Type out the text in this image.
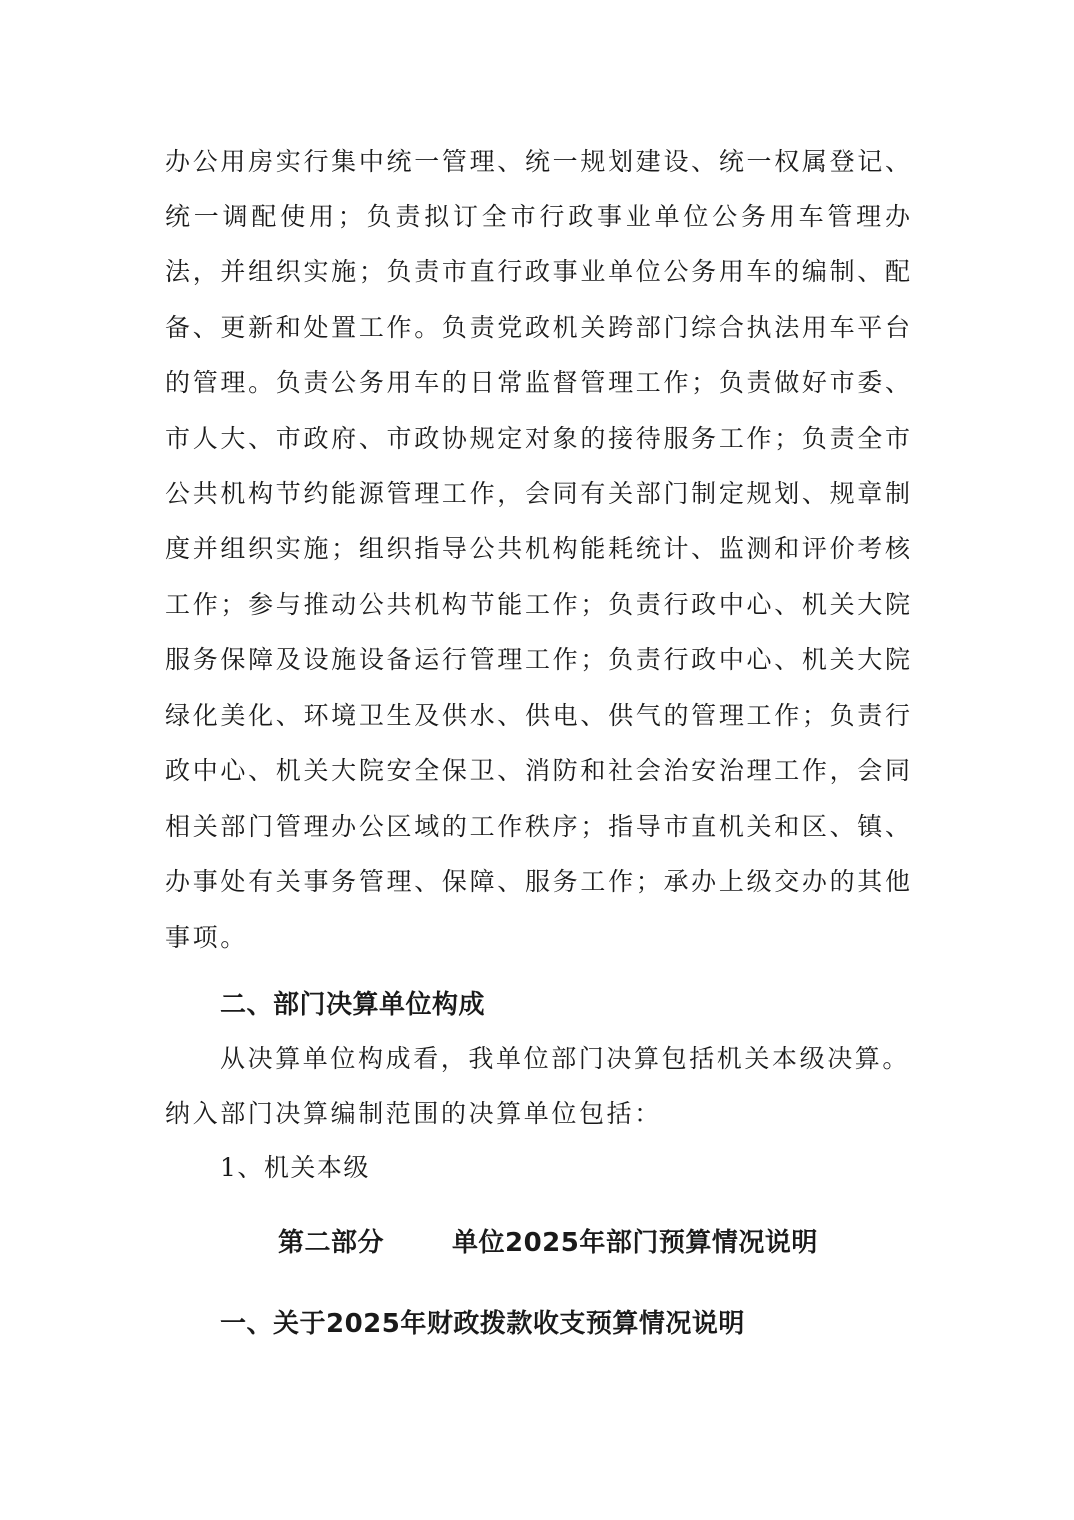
办公用房实行集中统一管理、统一规划建设、统一权属登记、
统一调配使用；负责拟订全市行政事业单位公务用车管理办
法，并组织实施；负责市直行政事业单位公务用车的编制、配
备、更新和处置工作。负责党政机关跨部门综合执法用车平台
的管理。负责公务用车的日常监督管理工作；负责做好市委、
市人大、市政府、市政协规定对象的接待服务工作；负责全市
公共机构节约能源管理工作，会同有关部门制定规划、规章制
度并组织实施；组织指导公共机构能耗统计、监测和评价考核
工作；参与推动公共机构节能工作；负责行政中心、机关大院
服务保障及设施设备运行管理工作；负责行政中心、机关大院
绿化美化、环境卫生及供水、供电、供气的管理工作；负责行
政中心、机关大院安全保卫、消防和社会治安治理工作，会同
相关部门管理办公区域的工作秩序；指导市直机关和区、镇、
办事处有关事务管理、保障、服务工作；承办上级交办的其他
事项。
二、部门决算单位构成
从决算单位构成看，我单位部门决算包括机关本级决算。
纳入部门决算编制范围的决算单位包括：
1、机关本级
第二部分	单位2025年部门预算情况说明
一、关于2025年财政拨款收支预算情况说明
